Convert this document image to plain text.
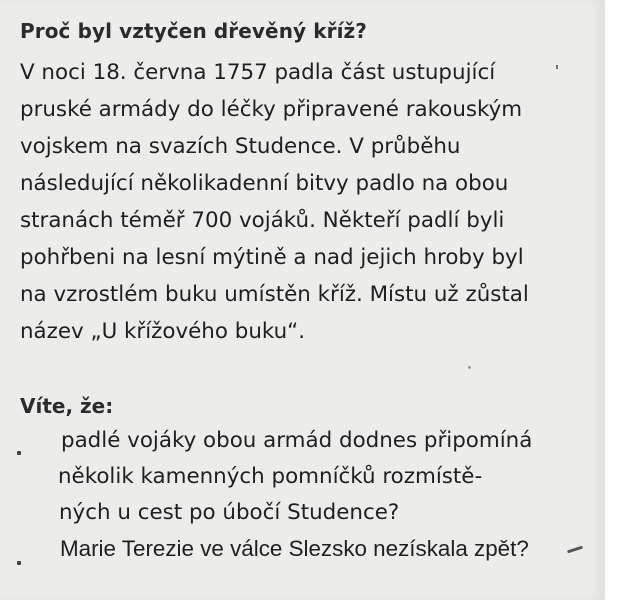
Proč byl vztyčen dřevěný kříž?

V noci 18. června 1757 padla část ustupující
pruské armády do léčky připravené rakouským
vojskem na svazích Studence. V průběhu
následující několikadenní bitvy padlo na obou
stranách téměř 700 vojáků. Někteří padlí byli
pohřbeni na lesní mýtině a nad jejich hroby byl
na vzrostlém buku umístěn kříž. Místu už zůstal
název „U křížového buku“.

Víte, že:

padlé vojáky obou armád dodnes připomíná
několik kamenných pomníčků rozmístě-
ných u cest po úbočí Studence?
Marie Terezie ve válce Slezsko nezískala zpět?
